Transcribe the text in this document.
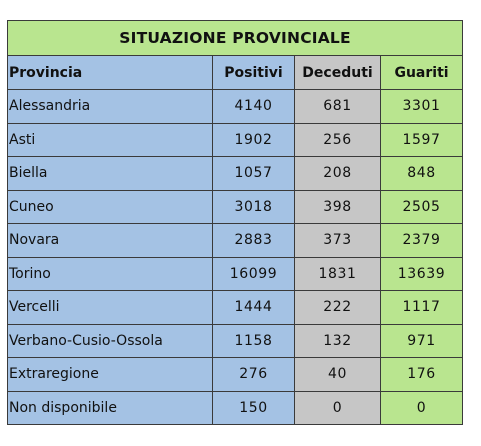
SITUAZIONE PROVINCIALE			
Provincia	Positivi	Deceduti	Guariti
Alessandria	4140	681	3301
Asti	1902	256	1597
Biella	1057	208	848
Cuneo	3018	398	2505
Novara	2883	373	2379
Torino	16099	1831	13639
Vercelli	1444	222	1117
Verbano-Cusio-Ossola	1158	132	971
Extraregione	276	40	176
Non disponibile	150	0	0
